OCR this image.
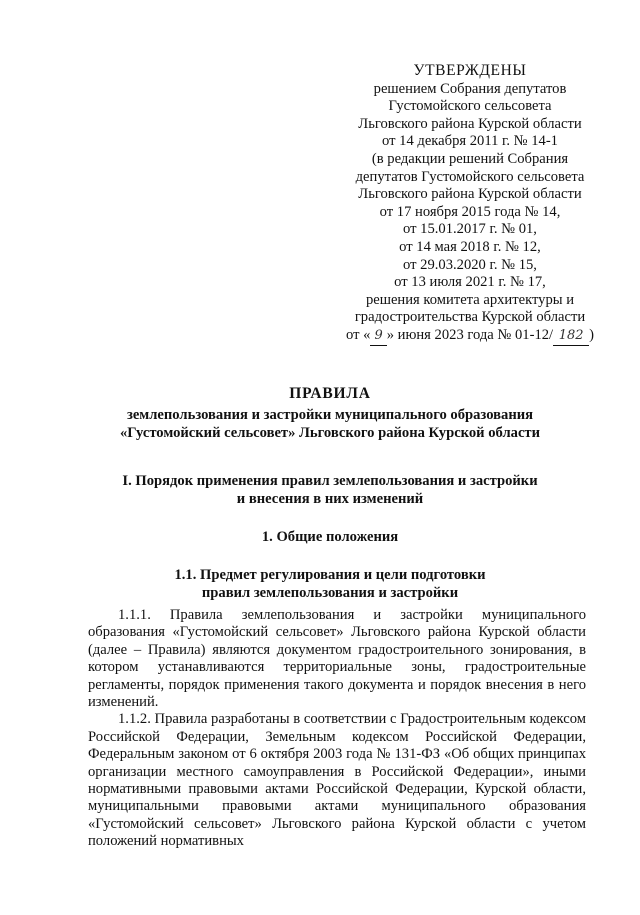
УТВЕРЖДЕНЫ
решением Собрания депутатов
Густомойского сельсовета
Льговского района Курской области
от 14 декабря 2011 г. № 14-1
(в редакции решений Собрания
депутатов Густомойского сельсовета
Льговского района Курской области
от 17 ноября 2015 года № 14,
от 15.01.2017 г. № 01,
от 14 мая 2018 г. № 12,
от 29.03.2020 г. № 15,
от 13 июля 2021 г. № 17,
решения комитета архитектуры и
градостроительства Курской области
от « 9 » июня 2023 года № 01-12/ 182 )
ПРАВИЛА
землепользования и застройки муниципального образования
«Густомойский сельсовет» Льговского района Курской области
I. Порядок применения правил землепользования и застройки
и внесения в них изменений
1. Общие положения
1.1. Предмет регулирования и цели подготовки
правил землепользования и застройки

1.1.1. Правила землепользования и застройки муниципального образования «Густомойский сельсовет» Льговского района Курской области (далее – Правила) являются документом градостроительного зонирования, в котором устанавливаются территориальные зоны, градостроительные регламенты, порядок применения такого документа и порядок внесения в него изменений.

1.1.2. Правила разработаны в соответствии с Градостроительным кодексом Российской Федерации, Земельным кодексом Российской Федерации, Федеральным законом от 6 октября 2003 года № 131-ФЗ «Об общих принципах организации местного самоуправления в Российской Федерации», иными нормативными правовыми актами Российской Федерации, Курской области, муниципальными правовыми актами муниципального образования «Густомойский сельсовет» Льговского района Курской области с учетом положений нормативных
